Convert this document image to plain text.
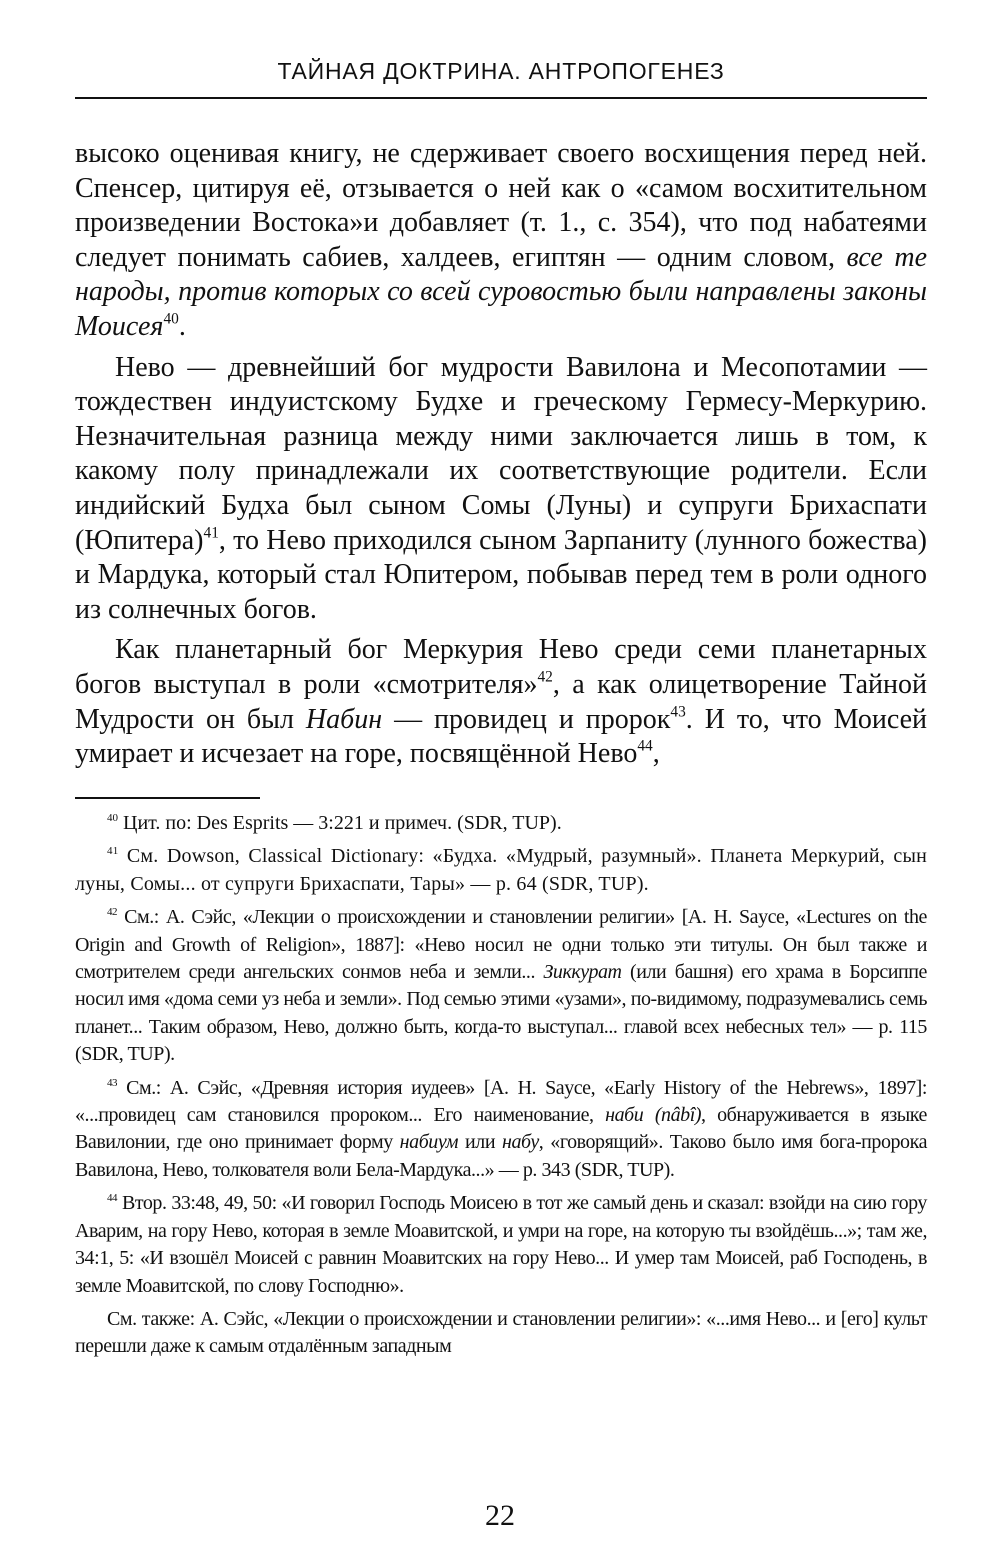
ТАЙНАЯ ДОКТРИНА. АНТРОПОГЕНЕЗ

высоко оценивая книгу, не сдерживает своего восхищения перед ней. Спенсер, цитируя её, отзывается о ней как о «самом восхитительном произведении Востока»и добавляет (т. 1., с. 354), что под набатеями следует понимать сабиев, халдеев, египтян — одним словом, все те народы, против которых со всей суровостью были направлены законы Моисея$^{40}$.

Нево — древнейший бог мудрости Вавилона и Месопотамии — тождествен индуистскому Будхе и греческому Гермесу-Меркурию. Незначительная разница между ними заключается лишь в том, к какому полу принадлежали их соответствующие родители. Если индийский Будха был сыном Сомы (Луны) и супруги Брихаспати (Юпитера)$^{41}$, то Нево приходился сыном Зарпаниту (лунного божества) и Мардука, который стал Юпитером, побывав перед тем в роли одного из солнечных богов.

Как планетарный бог Меркурия Нево среди семи планетарных богов выступал в роли «смотрителя»$^{42}$, а как олицетворение Тайной Мудрости он был Набин — провидец и пророк$^{43}$. И то, что Моисей умирает и исчезает на горе, посвящённой Нево$^{44}$,

$^{40}$ Цит. по: Des Esprits — 3:221 и примеч. (SDR, TUP).

$^{41}$ См. Dowson, Classical Dictionary: «Будха. «Мудрый, разумный». Планета Меркурий, сын луны, Сомы... от супруги Брихаспати, Тары» — p. 64 (SDR, TUP).

$^{42}$ См.: А. Сэйс, «Лекции о происхождении и становлении религии» [A. H. Sayce, «Lectures on the Origin and Growth of Religion», 1887]: «Нево носил не одни только эти титулы. Он был также и смотрителем среди ангельских сонмов неба и земли... Зиккурат (или башня) его храма в Борсиппе носил имя «дома семи уз неба и земли». Под семью этими «узами», по-видимому, подразумевались семь планет... Таким образом, Нево, должно быть, когда-то выступал... главой всех небесных тел» — p. 115 (SDR, TUP).

$^{43}$ См.: А. Сэйс, «Древняя история иудеев» [A. H. Sayce, «Early History of the Hebrews», 1897]: «...провидец сам становился пророком... Его наименование, наби (nâbî), обнаруживается в языке Вавилонии, где оно принимает форму набиум или набу, «говорящий». Таково было имя бога-пророка Вавилона, Нево, толкователя воли Бела-Мардука...» — p. 343 (SDR, TUP).

$^{44}$ Втор. 33:48, 49, 50: «И говорил Господь Моисею в тот же самый день и сказал: взойди на сию гору Аварим, на гору Нево, которая в земле Моавитской, и умри на горе, на которую ты взойдёшь...»; там же, 34:1, 5: «И взошёл Моисей с равнин Моавитских на гору Нево... И умер там Моисей, раб Господень, в земле Моавитской, по слову Господню».

См. также: А. Сэйс, «Лекции о происхождении и становлении религии»: «...имя Нево... и [его] культ перешли даже к самым отдалённым западным

22
